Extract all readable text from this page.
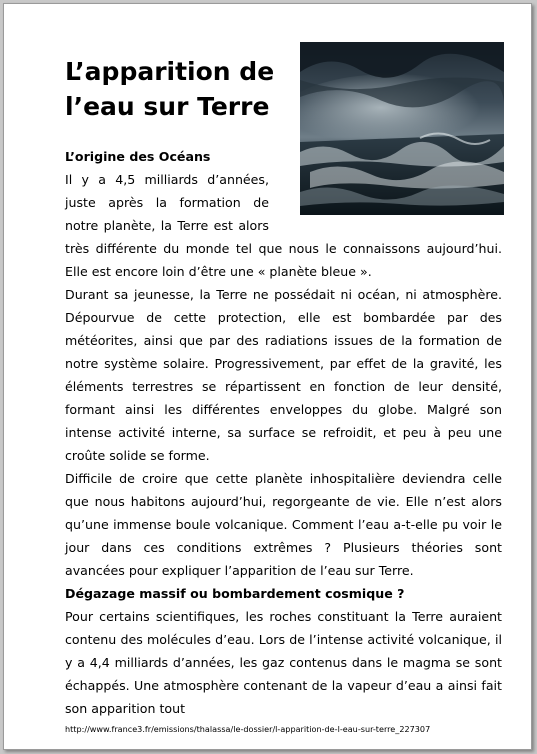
L’apparition de
l’eau sur Terre
L’origine des Océans

Il y a 4,5 milliards d’années, juste après la formation de notre planète, la Terre est alors très différente du monde tel que nous le connaissons aujourd’hui. Elle est encore loin d’être une « planète bleue ».

Durant sa jeunesse, la Terre ne possédait ni océan, ni atmosphère. Dépourvue de cette protection, elle est bombardée par des météorites, ainsi que par des radiations issues de la formation de notre système solaire. Progressivement, par effet de la gravité, les éléments terrestres se répartissent en fonction de leur densité, formant ainsi les différentes enveloppes du globe. Malgré son intense activité interne, sa surface se refroidit, et peu à peu une croûte solide se forme.

Difficile de croire que cette planète inhospitalière deviendra celle que nous habitons aujourd’hui, regorgeante de vie. Elle n’est alors qu’une immense boule volcanique. Comment l’eau a-t-elle pu voir le jour dans ces conditions extrêmes ? Plusieurs théories sont avancées pour expliquer l’apparition de l’eau sur Terre.

Dégazage massif ou bombardement cosmique ?

Pour certains scientifiques, les roches constituant la Terre auraient contenu des molécules d’eau. Lors de l’intense activité volcanique, il y a 4,4 milliards d’années, les gaz contenus dans le magma se sont échappés. Une atmosphère contenant de la vapeur d’eau a ainsi fait son apparition tout

http://www.france3.fr/emissions/thalassa/le-dossier/l-apparition-de-l-eau-sur-terre_227307
